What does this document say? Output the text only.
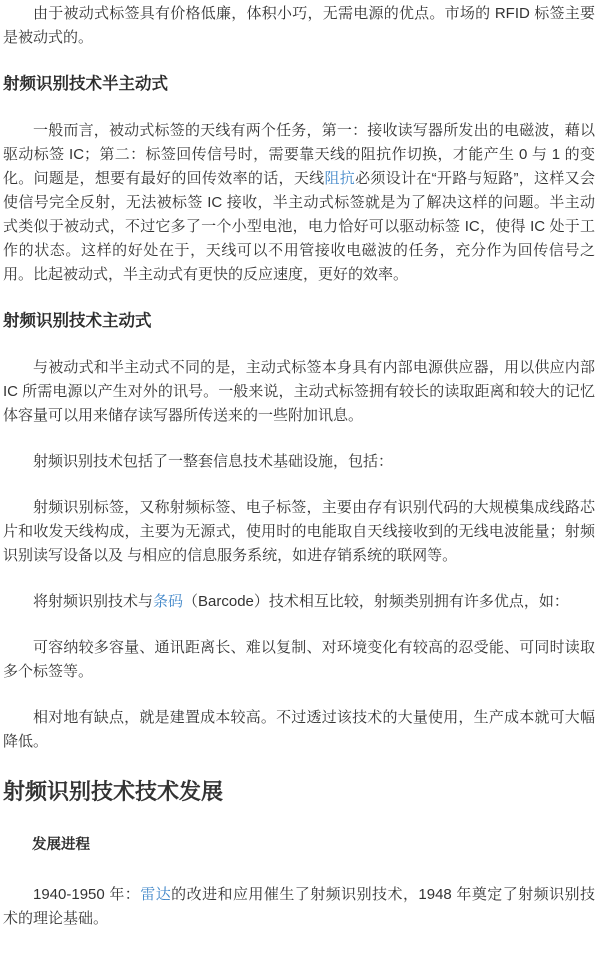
由于被动式标签具有价格低廉，体积小巧，无需电源的优点。市场的 RFID 标签主要是被动式的。

射频识别技术半主动式

一般而言，被动式标签的天线有两个任务，第一：接收读写器所发出的电磁波，藉以驱动标签 IC；第二：标签回传信号时，需要靠天线的阻抗作切换，才能产生 0 与 1 的变化。问题是，想要有最好的回传效率的话，天线阻抗必须设计在“开路与短路”，这样又会使信号完全反射，无法被标签 IC 接收，半主动式标签就是为了解决这样的问题。半主动式类似于被动式，不过它多了一个小型电池，电力恰好可以驱动标签 IC，使得 IC 处于工作的状态。这样的好处在于，天线可以不用管接收电磁波的任务，充分作为回传信号之用。比起被动式，半主动式有更快的反应速度，更好的效率。

射频识别技术主动式

与被动式和半主动式不同的是，主动式标签本身具有内部电源供应器，用以供应内部 IC 所需电源以产生对外的讯号。一般来说，主动式标签拥有较长的读取距离和较大的记忆体容量可以用来储存读写器所传送来的一些附加讯息。

射频识别技术包括了一整套信息技术基础设施，包括：

射频识别标签，又称射频标签、电子标签，主要由存有识别代码的大规模集成线路芯片和收发天线构成，主要为无源式，使用时的电能取自天线接收到的无线电波能量；射频识别读写设备以及 与相应的信息服务系统，如进存销系统的联网等。

将射频识别技术与条码（Barcode）技术相互比较，射频类别拥有许多优点，如：

可容纳较多容量、通讯距离长、难以复制、对环境变化有较高的忍受能、可同时读取多个标签等。

相对地有缺点，就是建置成本较高。不过透过该技术的大量使用，生产成本就可大幅降低。

射频识别技术技术发展
发展进程

1940-1950 年：雷达的改进和应用催生了射频识别技术，1948 年奠定了射频识别技术的理论基础。
